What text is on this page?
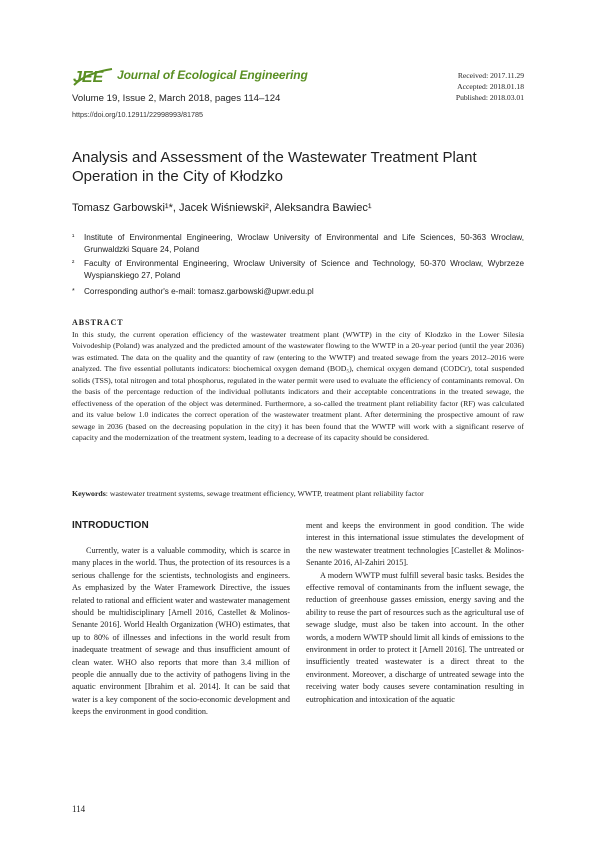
JEE Journal of Ecological Engineering
Volume 19, Issue 2, March 2018, pages 114–124
https://doi.org/10.12911/22998993/81785
Received: 2017.11.29
Accepted: 2018.01.18
Published: 2018.03.01
Analysis and Assessment of the Wastewater Treatment Plant Operation in the City of Kłodzko
Tomasz Garbowski¹*, Jacek Wiśniewski², Aleksandra Bawiec¹
¹ Institute of Environmental Engineering, Wroclaw University of Environmental and Life Sciences, 50-363 Wroclaw, Grunwaldzki Square 24, Poland
² Faculty of Environmental Engineering, Wroclaw University of Science and Technology, 50-370 Wroclaw, Wybrzeze Wyspianskiego 27, Poland
* Corresponding author's e-mail: tomasz.garbowski@upwr.edu.pl
ABSTRACT
In this study, the current operation efficiency of the wastewater treatment plant (WWTP) in the city of Kłodzko in the Lower Silesia Voivodeship (Poland) was analyzed and the predicted amount of the wastewater flowing to the WWTP in a 20-year period (until the year 2036) was estimated. The data on the quality and the quantity of raw (entering to the WWTP) and treated sewage from the years 2012–2016 were analyzed. The five essential pollutants indicators: biochemical oxygen demand (BOD₅), chemical oxygen demand (CODCr), total suspended solids (TSS), total nitrogen and total phosphorus, regulated in the water permit were used to evaluate the efficiency of contaminants removal. On the basis of the percentage reduction of the individual pollutants indicators and their acceptable concentrations in the treated sewage, the effectiveness of the operation of the object was determined. Furthermore, a so-called the treatment plant reliability factor (RF) was calculated and its value below 1.0 indicates the correct operation of the wastewater treatment plant. After determining the prospective amount of raw sewage in 2036 (based on the decreasing population in the city) it has been found that the WWTP will work with a significant reserve of capacity and the modernization of the treatment system, leading to a decrease of its capacity should be considered.
Keywords: wastewater treatment systems, sewage treatment efficiency, WWTP, treatment plant reliability factor
INTRODUCTION

Currently, water is a valuable commodity, which is scarce in many places in the world. Thus, the protection of its resources is a serious challenge for the scientists, technologists and engineers. As emphasized by the Water Framework Directive, the issues related to rational and efficient water and wastewater management should be multidisciplinary [Arnell 2016, Castellet & Molinos-Senante 2016]. World Health Organization (WHO) estimates, that up to 80% of illnesses and infections in the world result from inadequate treatment of sewage and thus insufficient amount of clean water. WHO also reports that more than 3.4 million of people die annually due to the activity of pathogens living in the aquatic environment [Ibrahim et al. 2014]. It can be said that water is a key component of the socio-economic development and keeps the environment in good condition.

ment and keeps the environment in good condition. The wide interest in this international issue stimulates the development of the new wastewater treatment technologies [Castellet & Molinos-Senante 2016, Al-Zahiri 2015].

A modern WWTP must fulfill several basic tasks. Besides the effective removal of contaminants from the influent sewage, the reduction of greenhouse gasses emission, energy saving and the ability to reuse the part of resources such as the agricultural use of sewage sludge, must also be taken into account. In the other words, a modern WWTP should limit all kinds of emissions to the environment in order to protect it [Arnell 2016]. The untreated or insufficiently treated wastewater is a direct threat to the environment. Moreover, a discharge of untreated sewage into the receiving water body causes severe contamination resulting in eutrophication and intoxication of the aquatic

114
